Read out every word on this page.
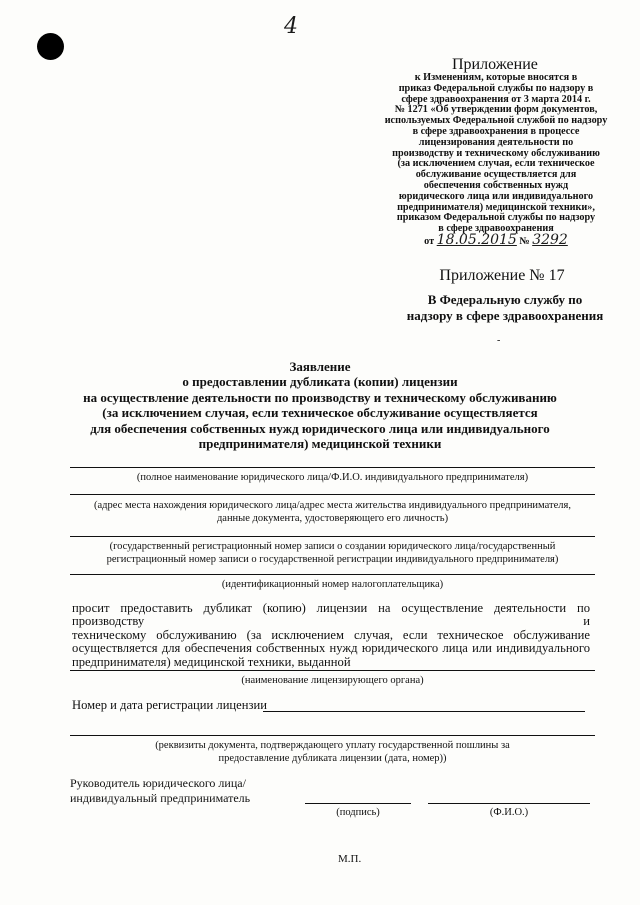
4
Приложение
к Изменениям, которые вносятся в
приказ Федеральной службы по надзору в
сфере здравоохранения от 3 марта 2014 г.
№ 1271 «Об утверждении форм документов,
используемых Федеральной службой по надзору
в сфере здравоохранения в процессе
лицензирования деятельности по
производству и техническому обслуживанию
(за исключением случая, если техническое
обслуживание осуществляется для
обеспечения собственных нужд
юридического лица или индивидуального
предпринимателя) медицинской техники»,
приказом Федеральной службы по надзору
в сфере здравоохранения
от 18.05.2015 № 3292
Приложение № 17
В Федеральную службу по
надзору в сфере здравоохранения
-
Заявление
о предоставлении дубликата (копии) лицензии
на осуществление деятельности по производству и техническому обслуживанию
(за исключением случая, если техническое обслуживание осуществляется
для обеспечения собственных нужд юридического лица или индивидуального
предпринимателя) медицинской техники
(полное наименование юридического лица/Ф.И.О. индивидуального предпринимателя)
(адрес места нахождения юридического лица/адрес места жительства индивидуального предпринимателя,
данные документа, удостоверяющего его личность)
(государственный регистрационный номер записи о создании юридического лица/государственный
регистрационный номер записи о государственной регистрации индивидуального предпринимателя)
(идентификационный номер налогоплательщика)
просит предоставить дубликат (копию) лицензии на осуществление деятельности по производству и
техническому обслуживанию (за исключением случая, если техническое обслуживание
осуществляется для обеспечения собственных нужд юридического лица или индивидуального
предпринимателя) медицинской техники, выданной
(наименование лицензирующего органа)
Номер и дата регистрации лицензии
(реквизиты документа, подтверждающего уплату государственной пошлины за
предоставление дубликата лицензии (дата, номер))
Руководитель юридического лица/
индивидуальный предприниматель
(подпись)	(Ф.И.О.)
М.П.
